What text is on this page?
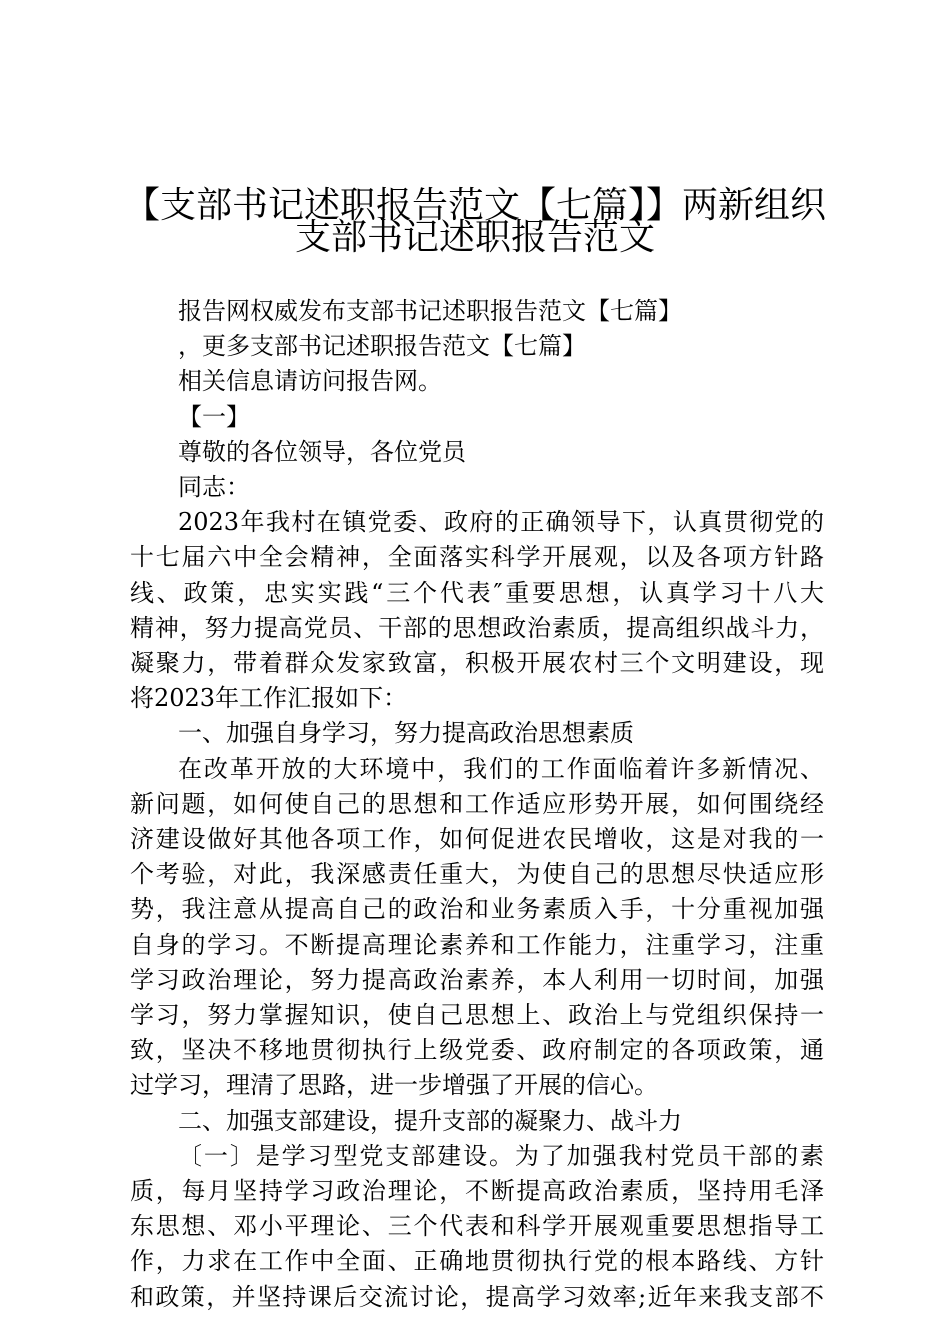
【支部书记述职报告范文【七篇】】两新组织
支部书记述职报告范文
报告网权威发布支部书记述职报告范文【七篇】
，更多支部书记述职报告范文【七篇】
相关信息请访问报告网。
【一】
尊敬的各位领导，各位党员
同志：
2023年我村在镇党委、政府的正确领导下，认真贯彻党的
十七届六中全会精神，全面落实科学开展观，以及各项方针路
线、政策，忠实实践“三个代表″重要思想，认真学习十八大
精神，努力提高党员、干部的思想政治素质，提高组织战斗力，
凝聚力，带着群众发家致富，积极开展农村三个文明建设，现
将2023年工作汇报如下：
一、加强自身学习，努力提高政治思想素质
在改革开放的大环境中，我们的工作面临着许多新情况、
新问题，如何使自己的思想和工作适应形势开展，如何围绕经
济建设做好其他各项工作，如何促进农民增收，这是对我的一
个考验，对此，我深感责任重大，为使自己的思想尽快适应形
势，我注意从提高自己的政治和业务素质入手，十分重视加强
自身的学习。不断提高理论素养和工作能力，注重学习，注重
学习政治理论，努力提高政治素养，本人利用一切时间，加强
学习，努力掌握知识，使自己思想上、政治上与党组织保持一
致，坚决不移地贯彻执行上级党委、政府制定的各项政策，通
过学习，理清了思路，进一步增强了开展的信心。
二、加强支部建设，提升支部的凝聚力、战斗力
〔一〕是学习型党支部建设。为了加强我村党员干部的素
质，每月坚持学习政治理论，不断提高政治素质，坚持用毛泽
东思想、邓小平理论、三个代表和科学开展观重要思想指导工
作，力求在工作中全面、正确地贯彻执行党的根本路线、方针
和政策，并坚持课后交流讨论，提高学习效率;近年来我支部不
